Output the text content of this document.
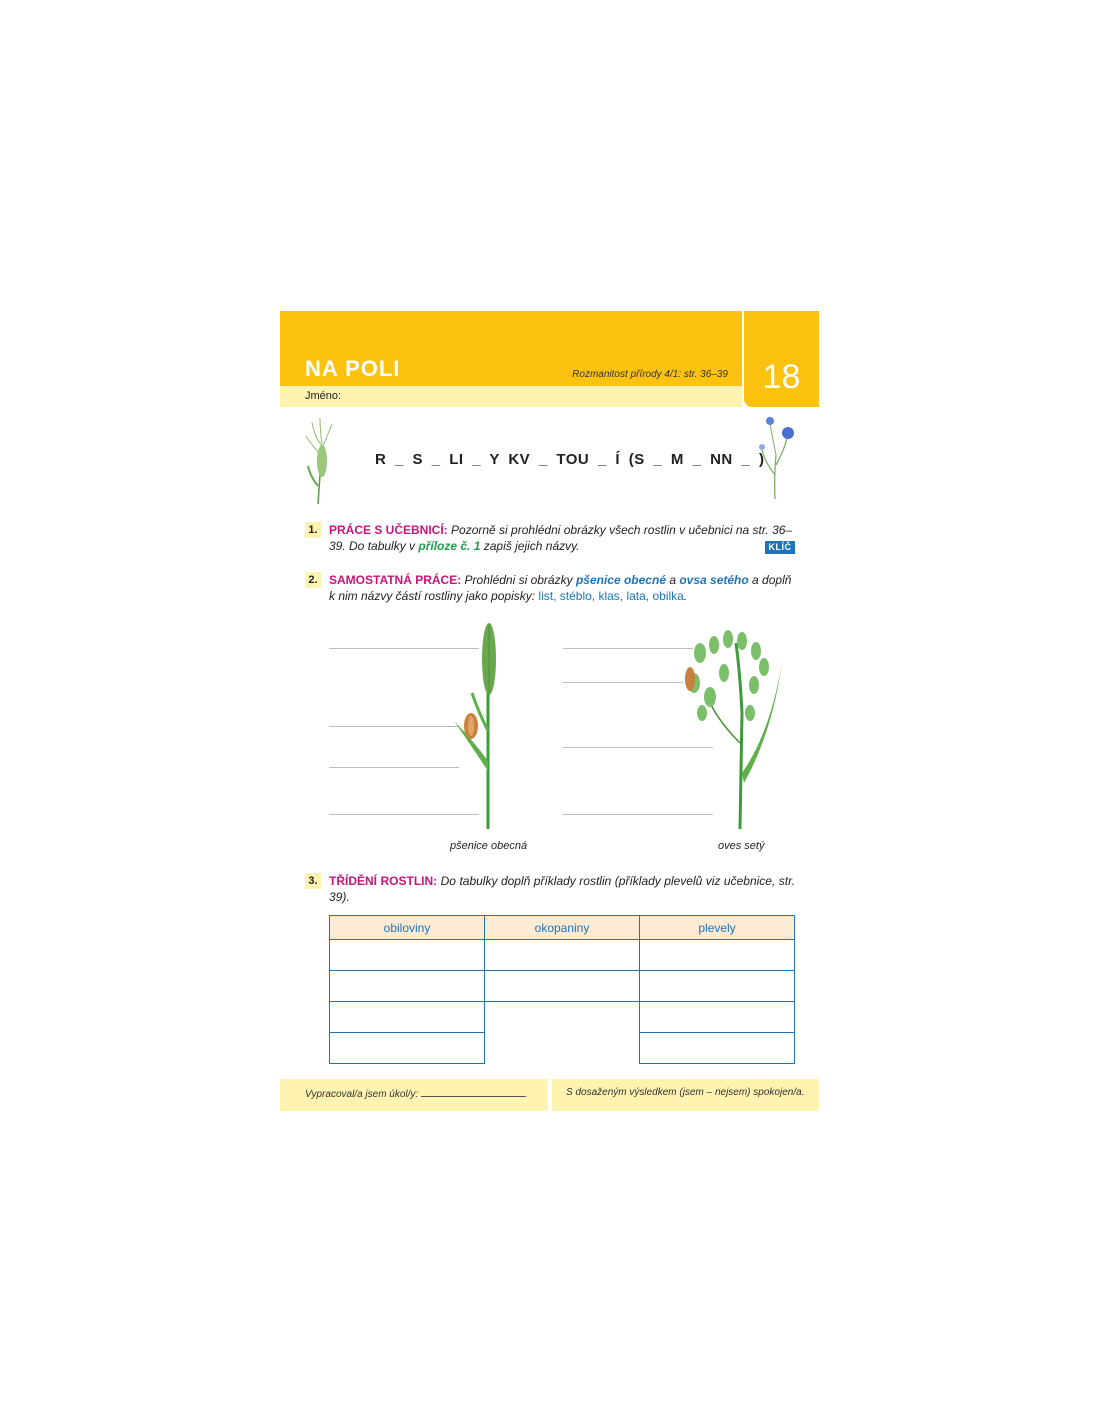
NA POLI	Rozmanitost přírody 4/1: str. 36–39	18
Jméno:
R _ S _ LI _ Y KV _ TOU _ Í (S _ M _ NN _ )
1. PRÁCE S UČEBNICÍ: Pozorně si prohlédni obrázky všech rostlin v učebnici na str. 36–39. Do tabulky v příloze č. 1 zapiš jejich názvy.	KLÍČ
2. SAMOSTATNÁ PRÁCE: Prohlédni si obrázky pšenice obecné a ovsa setého a doplň k nim názvy částí rostliny jako popisky: list, stéblo, klas, lata, obilka.
pšenice obecná	oves setý
3. TŘÍDĚNÍ ROSTLIN: Do tabulky doplň příklady rostlin (příklady plevelů viz učebnice, str. 39).
obiloviny	okopaniny	plevely

Vypracoval/a jsem úkol/y:	.	S dosaženým výsledkem (jsem – nejsem) spokojen/a.
